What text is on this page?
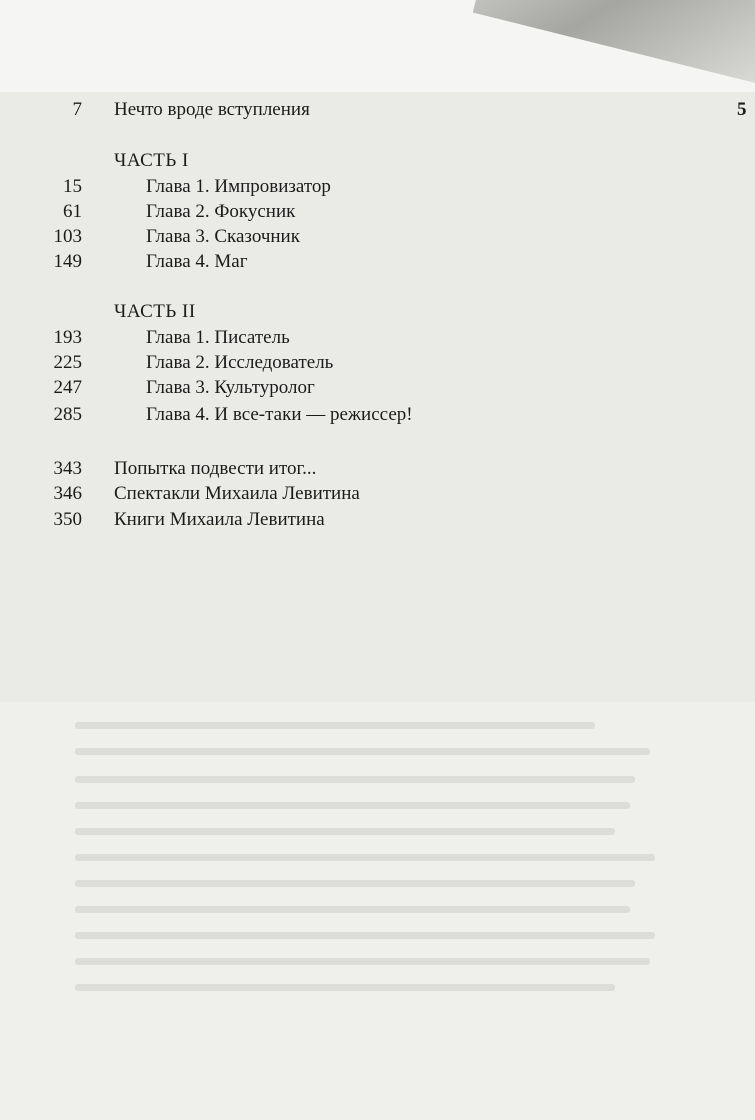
5
7 Нечто вроде вступления
ЧАСТЬ I
15	Глава 1. Импровизатор
61	Глава 2. Фокусник
103	Глава 3. Сказочник
149	Глава 4. Маг
ЧАСТЬ II
193	Глава 1. Писатель
225	Глава 2. Исследователь
247	Глава 3. Культуролог
285	Глава 4. И все-таки — режиссер!
343 Попытка подвести итог...
346 Спектакли Михаила Левитина
350 Книги Михаила Левитина
